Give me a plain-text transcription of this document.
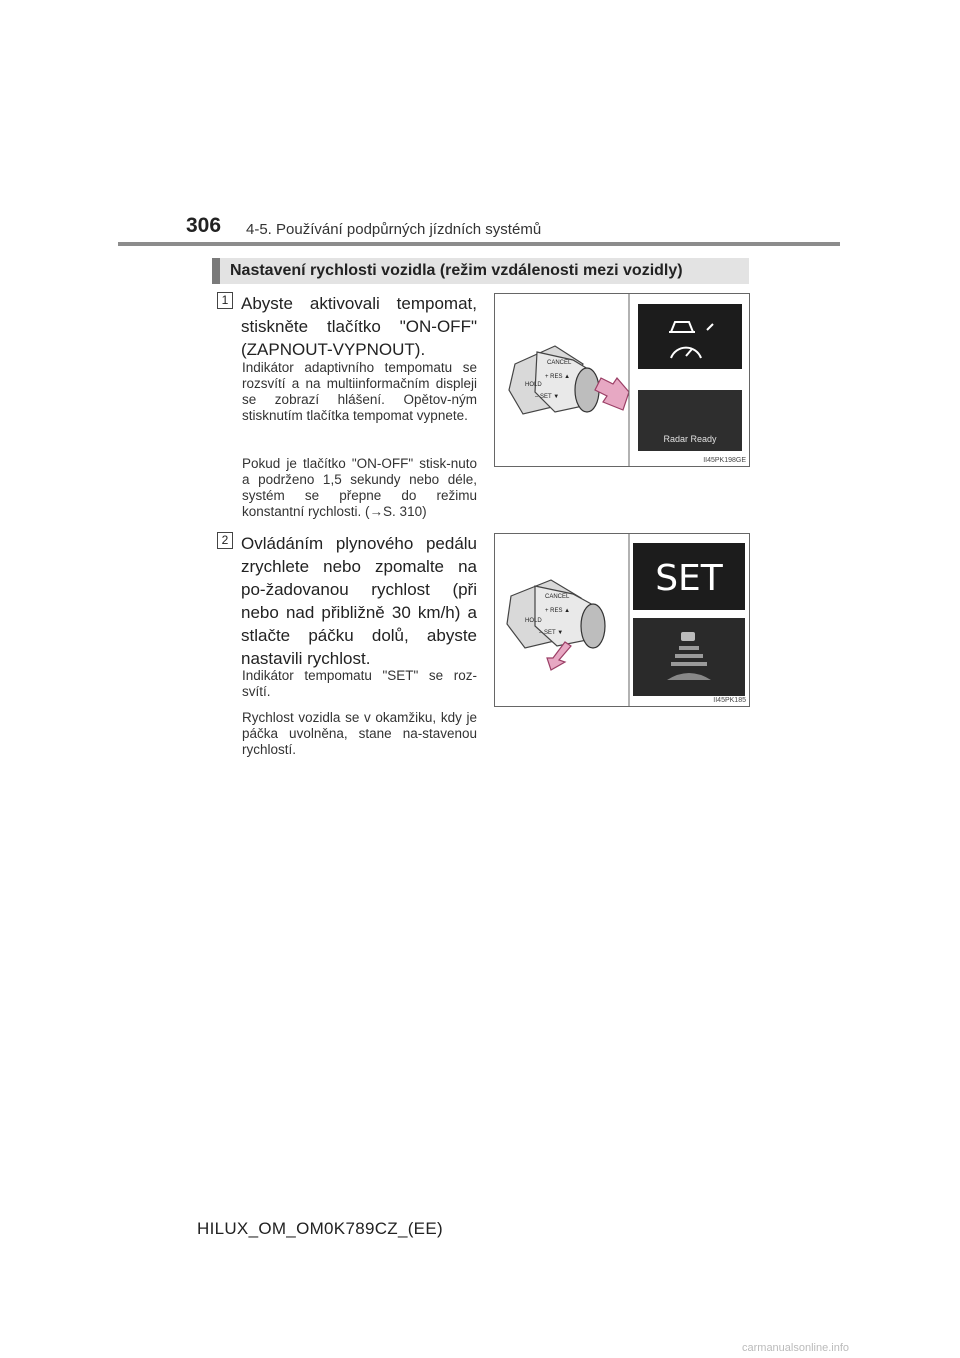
306 4-5. Používání podpůrných jízdních systémů
Nastavení rychlosti vozidla (režim vzdálenosti mezi vozidly)
1 Abyste aktivovali tempomat, stiskněte tlačítko "ON-OFF" (ZAPNOUT-VYPNOUT).
Indikátor adaptivního tempomatu se rozsvítí a na multiinformačním displeji se zobrazí hlášení. Opětov-ným stisknutím tlačítka tempomat vypnete.
Pokud je tlačítko "ON-OFF" stisk-nuto a podrženo 1,5 sekundy nebo déle, systém se přepne do režimu konstantní rychlosti. (→S. 310)
CANCEL
+ RES ▲
HOLD
– SET ▼
Radar Ready
II45PK198GE
2 Ovládáním plynového pedálu zrychlete nebo zpomalte na po-žadovanou rychlost (při nebo nad přibližně 30 km/h) a stlačte páčku dolů, abyste nastavili rychlost.
Indikátor tempomatu "SET" se roz-svítí.
Rychlost vozidla se v okamžiku, kdy je páčka uvolněna, stane na-stavenou rychlostí.
CANCEL
+ RES ▲
HOLD
– SET ▼
SET
II45PK185
HILUX_OM_OM0K789CZ_(EE)
carmanualsonline.info
